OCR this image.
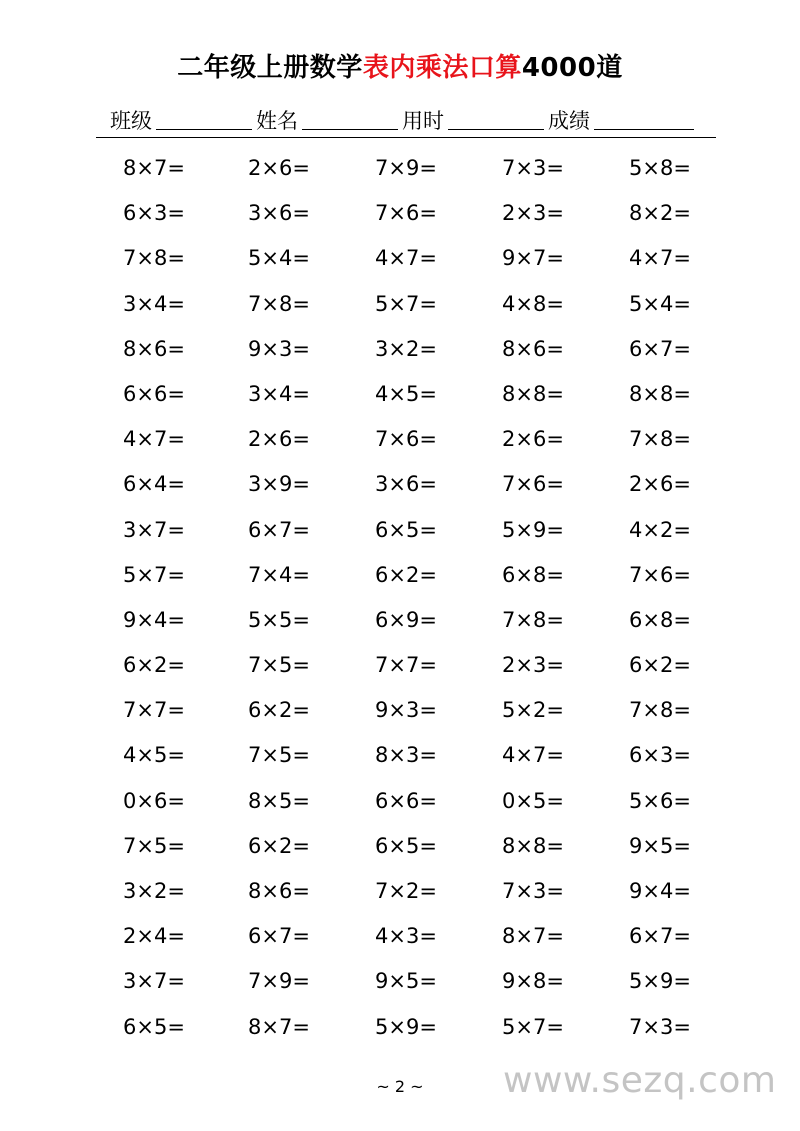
二年级上册数学表内乘法口算4000道
班级	姓名	用时	成绩
8×7=	2×6=	7×9=	7×3=	5×8=
6×3=	3×6=	7×6=	2×3=	8×2=
7×8=	5×4=	4×7=	9×7=	4×7=
3×4=	7×8=	5×7=	4×8=	5×4=
8×6=	9×3=	3×2=	8×6=	6×7=
6×6=	3×4=	4×5=	8×8=	8×8=
4×7=	2×6=	7×6=	2×6=	7×8=
6×4=	3×9=	3×6=	7×6=	2×6=
3×7=	6×7=	6×5=	5×9=	4×2=
5×7=	7×4=	6×2=	6×8=	7×6=
9×4=	5×5=	6×9=	7×8=	6×8=
6×2=	7×5=	7×7=	2×3=	6×2=
7×7=	6×2=	9×3=	5×2=	7×8=
4×5=	7×5=	8×3=	4×7=	6×3=
0×6=	8×5=	6×6=	0×5=	5×6=
7×5=	6×2=	6×5=	8×8=	9×5=
3×2=	8×6=	7×2=	7×3=	9×4=
2×4=	6×7=	4×3=	8×7=	6×7=
3×7=	7×9=	9×5=	9×8=	5×9=
6×5=	8×7=	5×9=	5×7=	7×3=
~ 2 ~	www.sezq.com
